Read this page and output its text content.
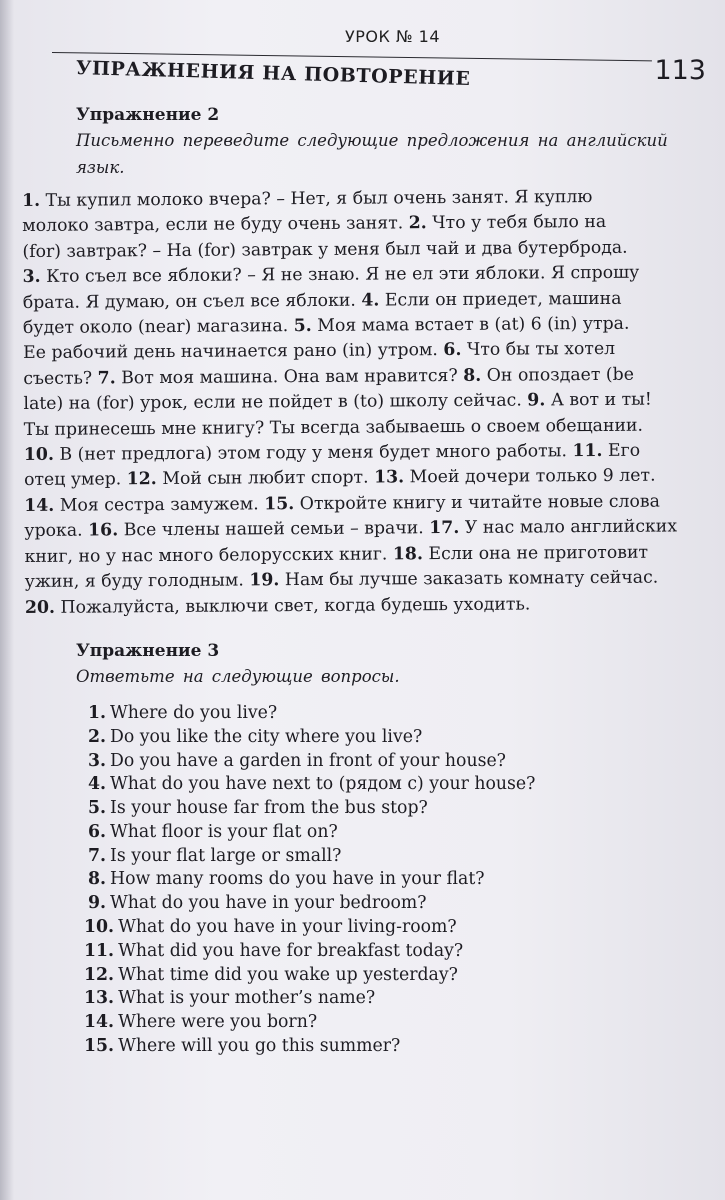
УРОК № 14
113
УПРАЖНЕНИЯ НА ПОВТОРЕНИЕ
Упражнение 2
Письменно переведите следующие предложения на английский язык.

1. Ты купил молоко вчера? – Нет, я был очень занят. Я куплю
молоко завтра, если не буду очень занят. 2. Что у тебя было на
(for) завтрак? – На (for) завтрак у меня был чай и два бутерброда.
3. Кто съел все яблоки? – Я не знаю. Я не ел эти яблоки. Я спрошу
брата. Я думаю, он съел все яблоки. 4. Если он приедет, машина
будет около (near) магазина. 5. Моя мама встает в (at) 6 (in) утра.
Ее рабочий день начинается рано (in) утром. 6. Что бы ты хотел
съесть? 7. Вот моя машина. Она вам нравится? 8. Он опоздает (be
late) на (for) урок, если не пойдет в (to) школу сейчас. 9. А вот и ты!
Ты принесешь мне книгу? Ты всегда забываешь о своем обещании.
10. В (нет предлога) этом году у меня будет много работы. 11. Его
отец умер. 12. Мой сын любит спорт. 13. Моей дочери только 9 лет.
14. Моя сестра замужем. 15. Откройте книгу и читайте новые слова
урока. 16. Все члены нашей семьи – врачи. 17. У нас мало английских
книг, но у нас много белорусских книг. 18. Если она не приготовит
ужин, я буду голодным. 19. Нам бы лучше заказать комнату сейчас.
20. Пожалуйста, выключи свет, когда будешь уходить.

Упражнение 3
Ответьте на следующие вопросы.
1. Where do you live?
2. Do you like the city where you live?
3. Do you have a garden in front of your house?
4. What do you have next to (рядом с) your house?
5. Is your house far from the bus stop?
6. What floor is your flat on?
7. Is your flat large or small?
8. How many rooms do you have in your flat?
9. What do you have in your bedroom?
10. What do you have in your living-room?
11. What did you have for breakfast today?
12. What time did you wake up yesterday?
13. What is your mother’s name?
14. Where were you born?
15. Where will you go this summer?
